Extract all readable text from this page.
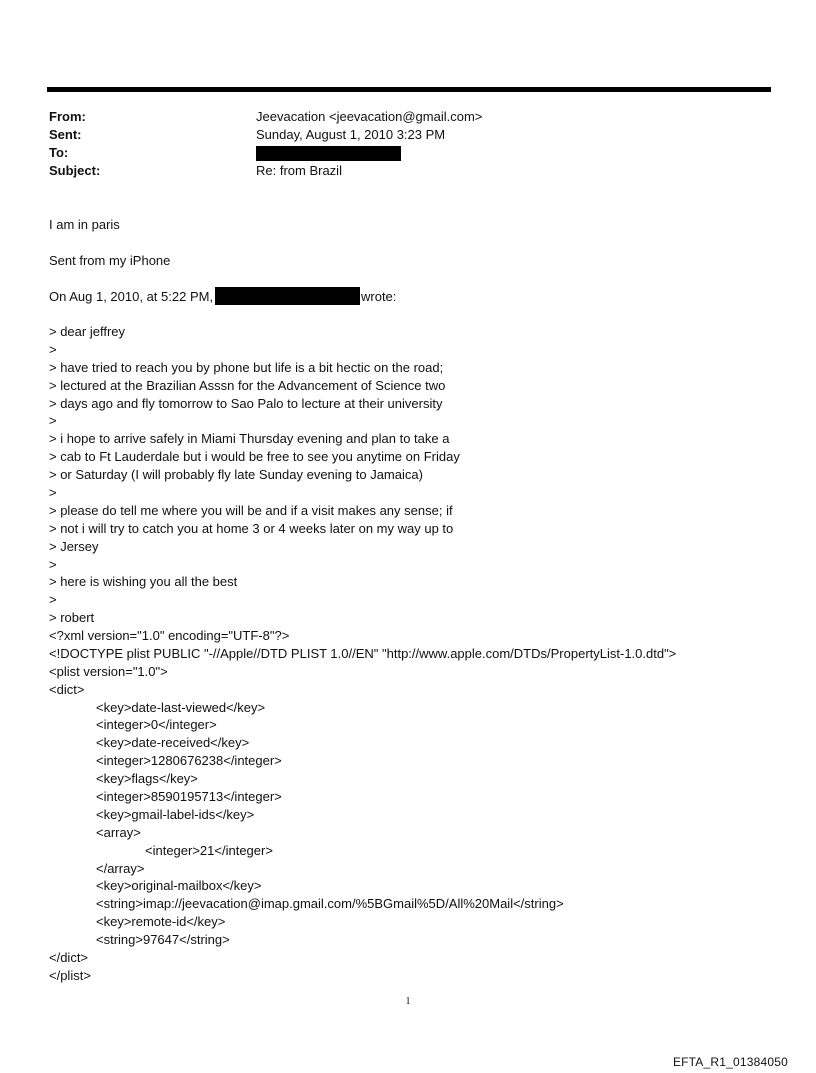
From:	Jeevacation <jeevacation@gmail.com>
Sent:	Sunday, August 1, 2010 3:23 PM
To:
Subject:	Re: from Brazil
I am in paris
Sent from my iPhone
On Aug 1, 2010, at 5:22 PM,	wrote:
> dear jeffrey
>
> have tried to reach you by phone but life is a bit hectic on the road;
> lectured at the Brazilian Asssn for the Advancement of Science two
> days ago and fly tomorrow to Sao Palo to lecture at their university
>
> i hope to arrive safely in Miami Thursday evening and plan to take a
> cab to Ft Lauderdale but i would be free to see you anytime on Friday
> or Saturday (I will probably fly late Sunday evening to Jamaica)
>
> please do tell me where you will be and if a visit makes any sense; if
> not i will try to catch you at home 3 or 4 weeks later on my way up to
> Jersey
>
> here is wishing you all the best
>
> robert
<?xml version="1.0" encoding="UTF-8"?>
<!DOCTYPE plist PUBLIC "-//Apple//DTD PLIST 1.0//EN" "http://www.apple.com/DTDs/PropertyList-1.0.dtd">
<plist version="1.0">
<dict>
<key>date-last-viewed</key>
<integer>0</integer>
<key>date-received</key>
<integer>1280676238</integer>
<key>flags</key>
<integer>8590195713</integer>
<key>gmail-label-ids</key>
<array>
<integer>21</integer>
</array>
<key>original-mailbox</key>
<string>imap://jeevacation@imap.gmail.com/%5BGmail%5D/All%20Mail</string>
<key>remote-id</key>
<string>97647</string>
</dict>
</plist>
1
EFTA_R1_01384050
